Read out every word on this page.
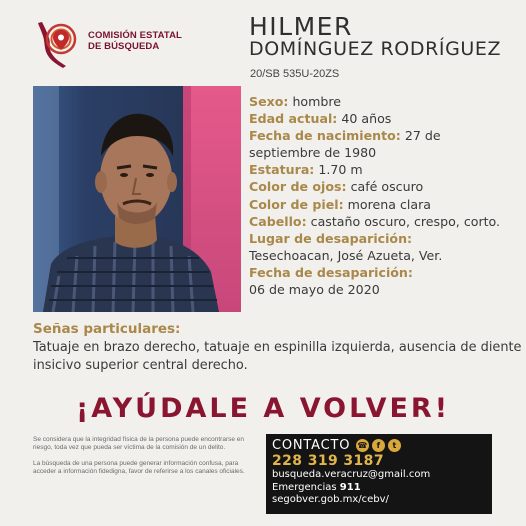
COMISIÓN ESTATAL
DE BÚSQUEDA
HILMER
DOMÍNGUEZ RODRÍGUEZ
20/SB 535U-20ZS

Sexo: hombre

Edad actual: 40 años

Fecha de nacimiento: 27 de

septiembre de 1980

Estatura: 1.70 m

Color de ojos: café oscuro

Color de piel: morena clara

Cabello: castaño oscuro, crespo, corto.

Lugar de desaparición:

Tesechoacan, José Azueta, Ver.

Fecha de desaparición:

06 de mayo de 2020

Señas particulares:
Tatuaje en brazo derecho, tatuaje en espinilla izquierda, ausencia de diente insicivo superior central derecho.
¡AYÚDALE A VOLVER!

Se considera que la integridad física de la persona puede encontrarse en riesgo, toda vez que pueda ser víctima de la comisión de un delito.

La búsqueda de una persona puede generar información confusa, para acceder a información fidedigna, favor de referirse a los canales oficiales.

CONTACTO ☎	f	t
228 319 3187
busqueda.veracruz@gmail.com
Emergencias 911
segobver.gob.mx/cebv/
